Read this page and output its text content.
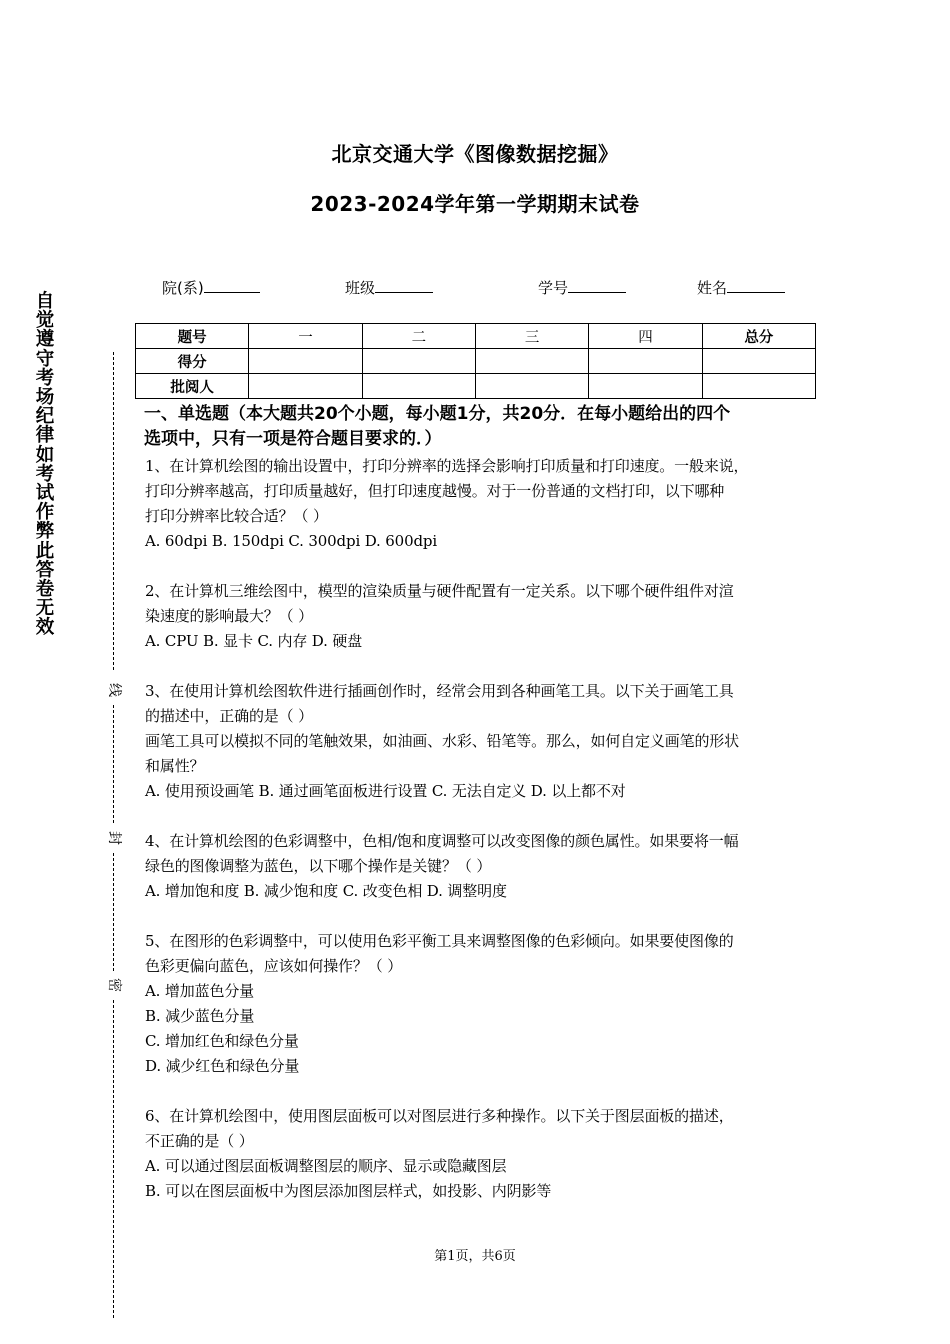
自觉遵守考场纪律如考试作弊此答卷无效
线
封
密
北京交通大学《图像数据挖掘》
2023-2024学年第一学期期末试卷
院(系)	班级	学号	姓名
题号	一	二	三	四	总分
得分					
批阅人					
一、单选题（本大题共20个小题，每小题1分，共20分．在每小题给出的四个
选项中，只有一项是符合题目要求的．）
1、在计算机绘图的输出设置中，打印分辨率的选择会影响打印质量和打印速度。一般来说，
打印分辨率越高，打印质量越好，但打印速度越慢。对于一份普通的文档打印，以下哪种
打印分辨率比较合适？（ ）
A. 60dpi B. 150dpi C. 300dpi D. 600dpi
2、在计算机三维绘图中，模型的渲染质量与硬件配置有一定关系。以下哪个硬件组件对渲
染速度的影响最大？（ ）
A. CPU B. 显卡 C. 内存 D. 硬盘
3、在使用计算机绘图软件进行插画创作时，经常会用到各种画笔工具。以下关于画笔工具
的描述中，正确的是（ ）
画笔工具可以模拟不同的笔触效果，如油画、水彩、铅笔等。那么，如何自定义画笔的形状
和属性？
A. 使用预设画笔 B. 通过画笔面板进行设置 C. 无法自定义 D. 以上都不对
4、在计算机绘图的色彩调整中，色相/饱和度调整可以改变图像的颜色属性。如果要将一幅
绿色的图像调整为蓝色，以下哪个操作是关键？（ ）
A. 增加饱和度 B. 减少饱和度 C. 改变色相 D. 调整明度
5、在图形的色彩调整中，可以使用色彩平衡工具来调整图像的色彩倾向。如果要使图像的
色彩更偏向蓝色，应该如何操作？（ ）
A. 增加蓝色分量
B. 减少蓝色分量
C. 增加红色和绿色分量
D. 减少红色和绿色分量
6、在计算机绘图中，使用图层面板可以对图层进行多种操作。以下关于图层面板的描述，
不正确的是（ ）
A. 可以通过图层面板调整图层的顺序、显示或隐藏图层
B. 可以在图层面板中为图层添加图层样式，如投影、内阴影等
第1页，共6页
